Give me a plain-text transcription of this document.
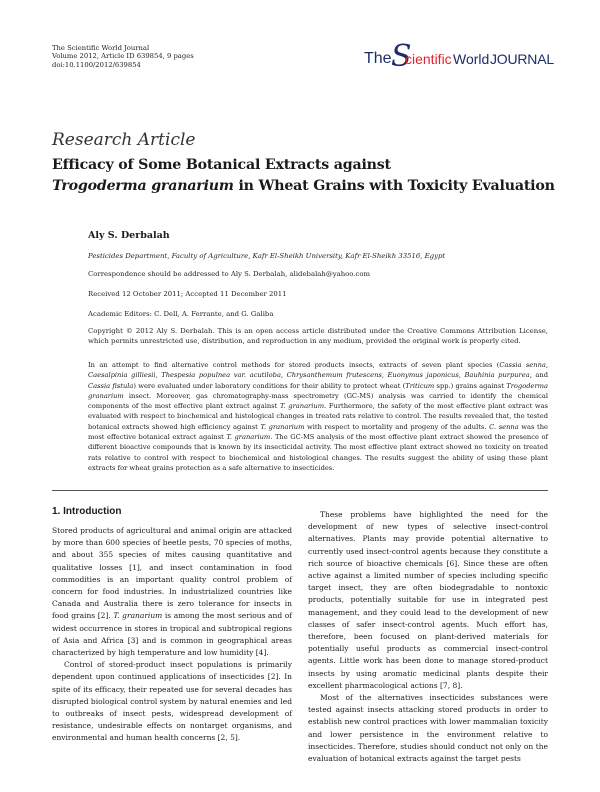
The Scientific World Journal
Volume 2012, Article ID 639854, 9 pages
doi:10.1100/2012/639854	The S
cientific World JOURNAL
Research Article
Efficacy of Some Botanical Extracts against
Trogoderma granarium in Wheat Grains with Toxicity Evaluation
Aly S. Derbalah
Pesticides Department, Faculty of Agriculture, Kafr El-Sheikh University, Kafr El-Sheikh 33516, Egypt
Correspondence should be addressed to Aly S. Derbalah, alidebalah@yahoo.com
Received 12 October 2011; Accepted 11 December 2011
Academic Editors: C. Dell, A. Ferrante, and G. Galiba
Copyright © 2012 Aly S. Derbalah. This is an open access article distributed under the Creative Commons Attribution License, which permits unrestricted use, distribution, and reproduction in any medium, provided the original work is properly cited.
In an attempt to find alternative control methods for stored products insects, extracts of seven plant species (Cassia senna, Caesalpinia gilliesii, Thespesia populnea var. acutiloba, Chrysanthemum frutescens, Euonymus japonicus, Bauhinia purpurea, and Cassia fistula) were evaluated under laboratory conditions for their ability to protect wheat (Triticum spp.) grains against Trogoderma granarium insect. Moreover, gas chromatography-mass spectrometry (GC-MS) analysis was carried to identify the chemical components of the most effective plant extract against T. granarium. Furthermore, the safety of the most effective plant extract was evaluated with respect to biochemical and histological changes in treated rats relative to control. The results revealed that, the tested botanical extracts showed high efficiency against T. granarium with respect to mortality and progeny of the adults. C. senna was the most effective botanical extract against T. granarium. The GC-MS analysis of the most effective plant extract showed the presence of different bioactive compounds that is known by its insecticidal activity. The most effective plant extract showed no toxicity on treated rats relative to control with respect to biochemical and histological changes. The results suggest the ability of using these plant extracts for wheat grains protection as a safe alternative to insecticides.
1. Introduction

Stored products of agricultural and animal origin are attacked by more than 600 species of beetle pests, 70 species of moths, and about 355 species of mites causing quantitative and qualitative losses [1], and insect contamination in food commodities is an important quality control problem of concern for food industries. In industrialized countries like Canada and Australia there is zero tolerance for insects in food grains [2]. T. granarium is among the most serious and of widest occurrence in stores in tropical and subtropical regions of Asia and Africa [3] and is common in geographical areas characterized by high temperature and low humidity [4].

Control of stored-product insect populations is primarily dependent upon continued applications of insecticides [2]. In spite of its efficacy, their repeated use for several decades has disrupted biological control system by natural enemies and led to outbreaks of insect pests, widespread development of resistance, undesirable effects on nontarget organisms, and environmental and human health concerns [2, 5].

These problems have highlighted the need for the development of new types of selective insect-control alternatives. Plants may provide potential alternative to currently used insect-control agents because they constitute a rich source of bioactive chemicals [6]. Since these are often active against a limited number of species including specific target insect, they are often biodegradable to nontoxic products, potentially suitable for use in integrated pest management, and they could lead to the development of new classes of safer insect-control agents. Much effort has, therefore, been focused on plant-derived materials for potentially useful products as commercial insect-control agents. Little work has been done to manage stored-product insects by using aromatic medicinal plants despite their excellent pharmacological actions [7, 8].

Most of the alternatives insecticides substances were tested against insects attacking stored products in order to establish new control practices with lower mammalian toxicity and lower persistence in the environment relative to insecticides. Therefore, studies should conduct not only on the evaluation of botanical extracts against the target pests
